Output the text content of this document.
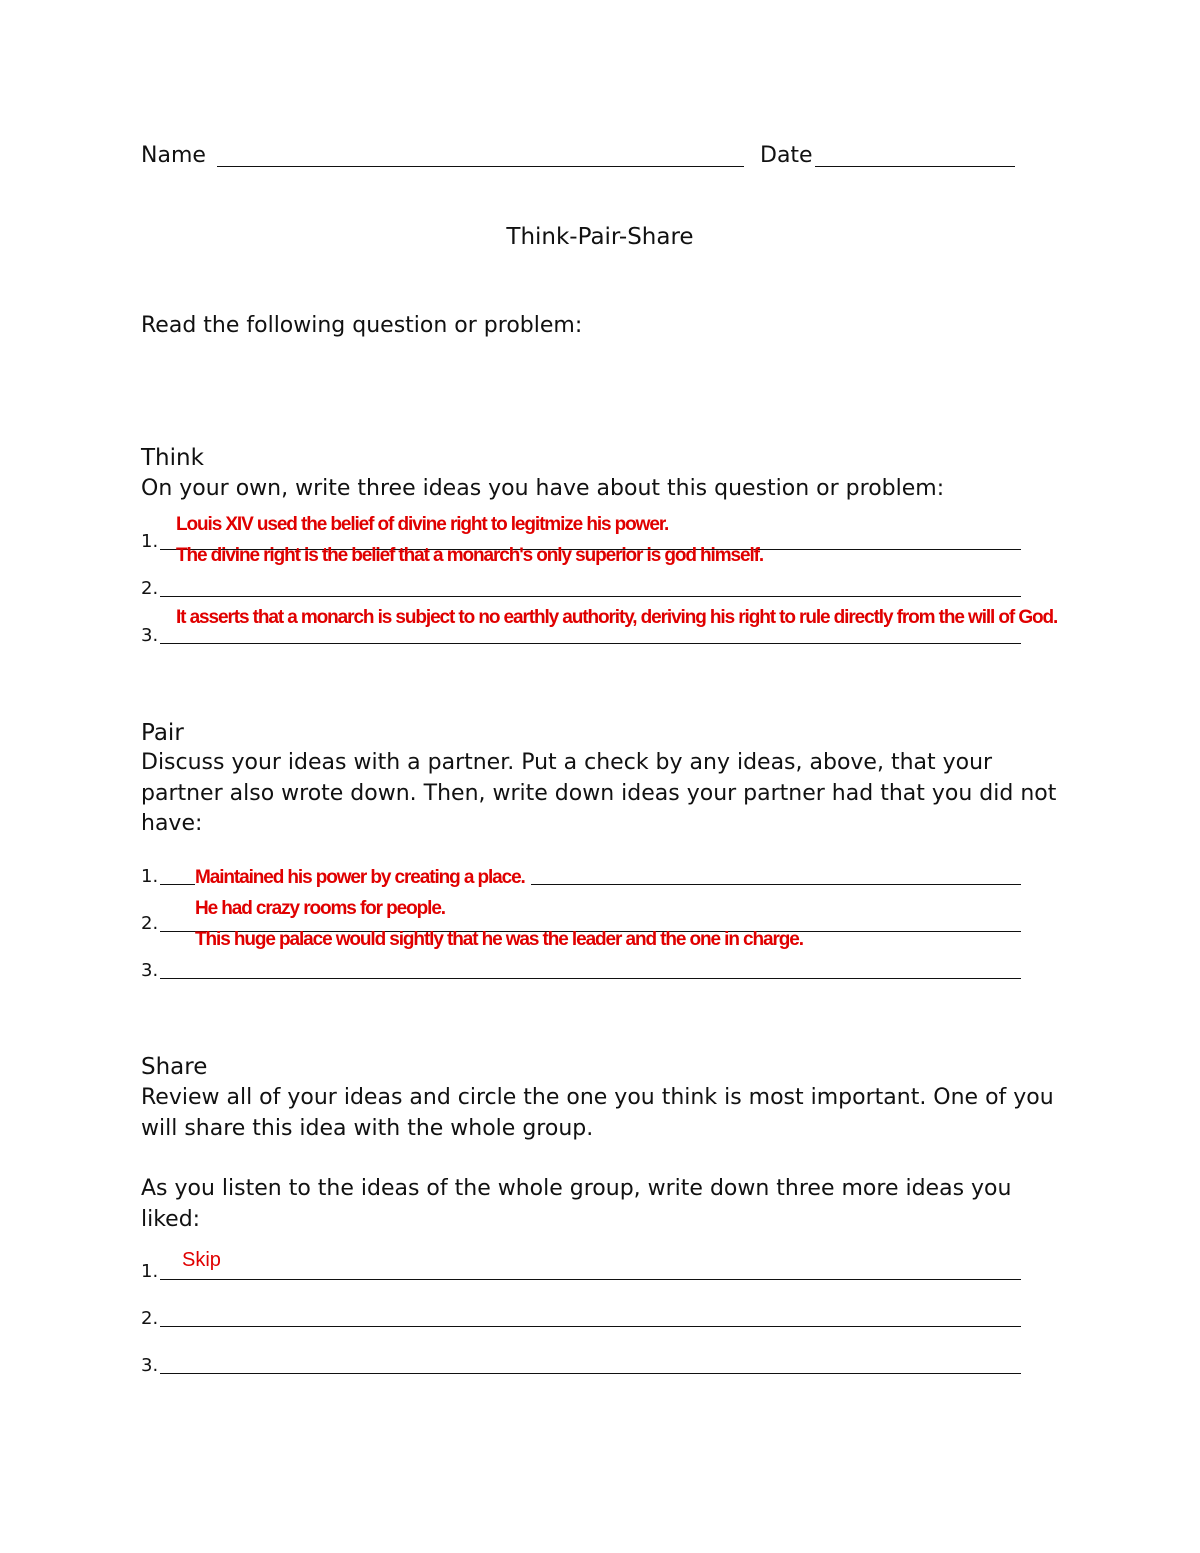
Name	Date
Think-Pair-Share

Read the following question or problem:

Think

On your own, write three ideas you have about this question or problem:

1.

Louis XIV used the belief of divine right to legitmize his power.

The divine right is the belief that a monarch's only superior is god himself.

2.
3.

It asserts that a monarch is subject to no earthly authority, deriving his right to rule directly from the will of God.

Pair

Discuss your ideas with a partner. Put a check by any ideas, above, that your partner also wrote down. Then, write down ideas your partner had that you did not have:

1. Maintained his power by creating a place.

2.

He had crazy rooms for people.

This huge palace would sightly that he was the leader and the one in charge.

3.
Share

Review all of your ideas and circle the one you think is most important. One of you will share this idea with the whole group.

As you listen to the ideas of the whole group, write down three more ideas you liked:

1.
Skip
2.
3.
